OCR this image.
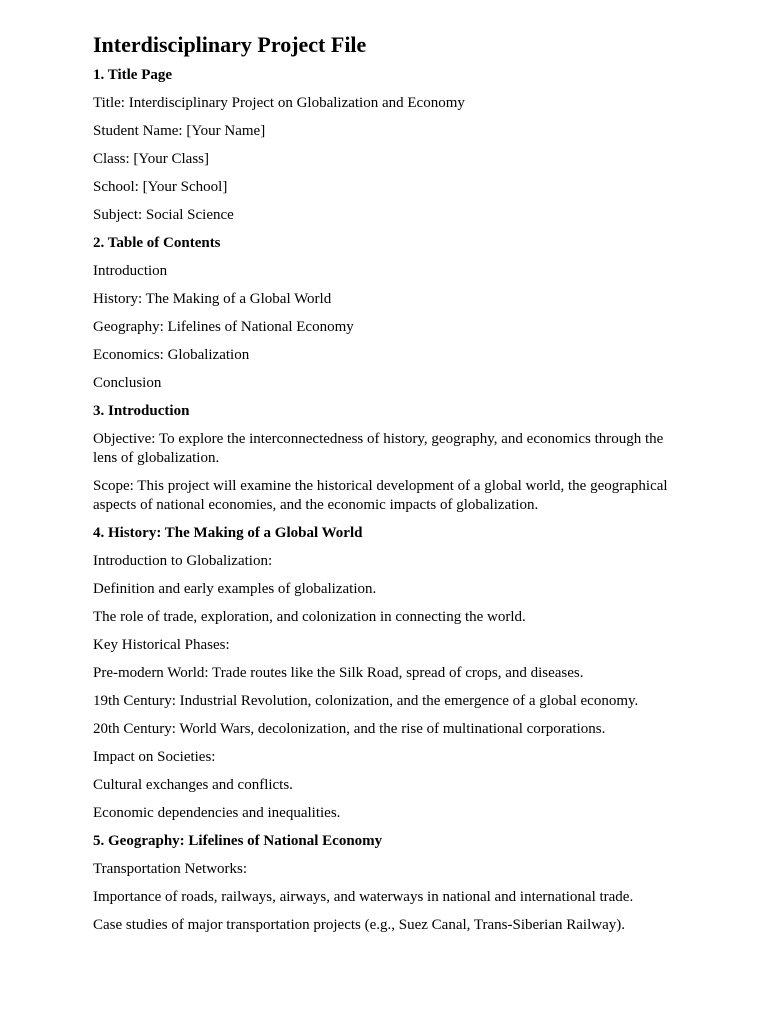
Interdisciplinary Project File
1. Title Page
Title: Interdisciplinary Project on Globalization and Economy
Student Name: [Your Name]
Class: [Your Class]
School: [Your School]
Subject: Social Science
2. Table of Contents
Introduction
History: The Making of a Global World
Geography: Lifelines of National Economy
Economics: Globalization
Conclusion
3. Introduction
Objective: To explore the interconnectedness of history, geography, and economics through the lens of globalization.
Scope: This project will examine the historical development of a global world, the geographical aspects of national economies, and the economic impacts of globalization.
4. History: The Making of a Global World
Introduction to Globalization:
Definition and early examples of globalization.
The role of trade, exploration, and colonization in connecting the world.
Key Historical Phases:
Pre-modern World: Trade routes like the Silk Road, spread of crops, and diseases.
19th Century: Industrial Revolution, colonization, and the emergence of a global economy.
20th Century: World Wars, decolonization, and the rise of multinational corporations.
Impact on Societies:
Cultural exchanges and conflicts.
Economic dependencies and inequalities.
5. Geography: Lifelines of National Economy
Transportation Networks:
Importance of roads, railways, airways, and waterways in national and international trade.
Case studies of major transportation projects (e.g., Suez Canal, Trans-Siberian Railway).
